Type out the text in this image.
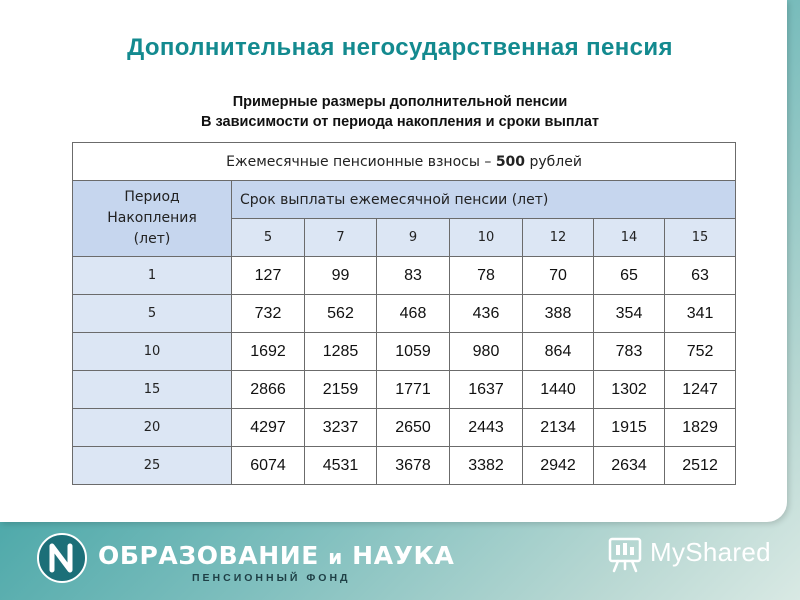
Дополнительная негосударственная пенсия
Примерные размеры дополнительной пенсии
В зависимости от периода накопления и сроки выплат
Ежемесячные пенсионные взносы – 500 рублей							

Период
Накопления
(лет)	Срок выплаты ежемесячной пенсии (лет)						
	5	7	9	10	12	14	15
1	127	99	83	78	70	65	63
5	732	562	468	436	388	354	341
10	1692	1285	1059	980	864	783	752
15	2866	2159	1771	1637	1440	1302	1247
20	4297	3237	2650	2443	2134	1915	1829
25	6074	4531	3678	3382	2942	2634	2512
ОБРАЗОВАНИЕ и НАУКА
ПЕНСИОННЫЙ ФОНД
MyShared
